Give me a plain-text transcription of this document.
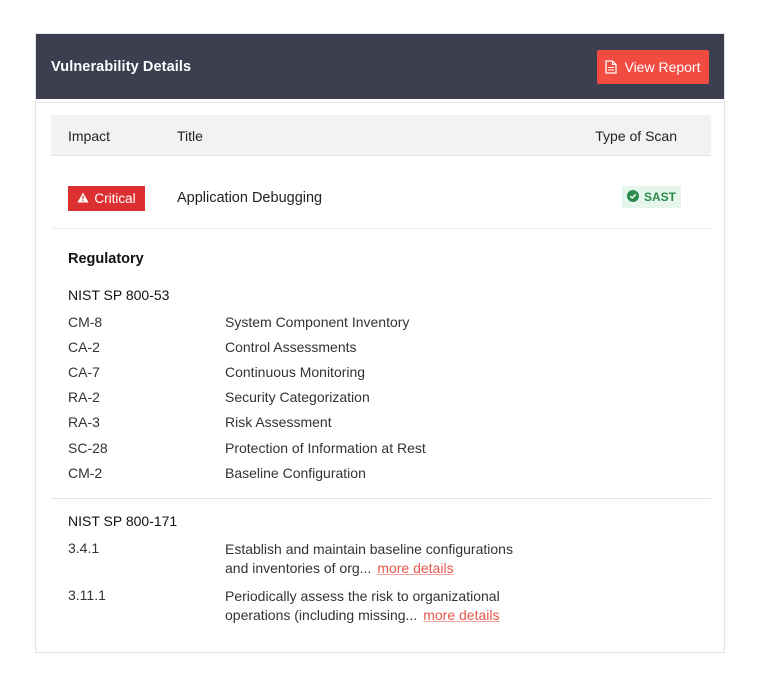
Vulnerability Details	View Report
Impact	Title	Type of Scan
Critical	Application Debugging	SAST
Regulatory
NIST SP 800-53
CM-8	System Component Inventory
CA-2	Control Assessments
CA-7	Continuous Monitoring
RA-2	Security Categorization
RA-3	Risk Assessment
SC-28	Protection of Information at Rest
CM-2	Baseline Configuration
NIST SP 800-171
3.4.1	Establish and maintain baseline configurations
and inventories of org... more details
3.11.1	Periodically assess the risk to organizational
operations (including missing... more details
